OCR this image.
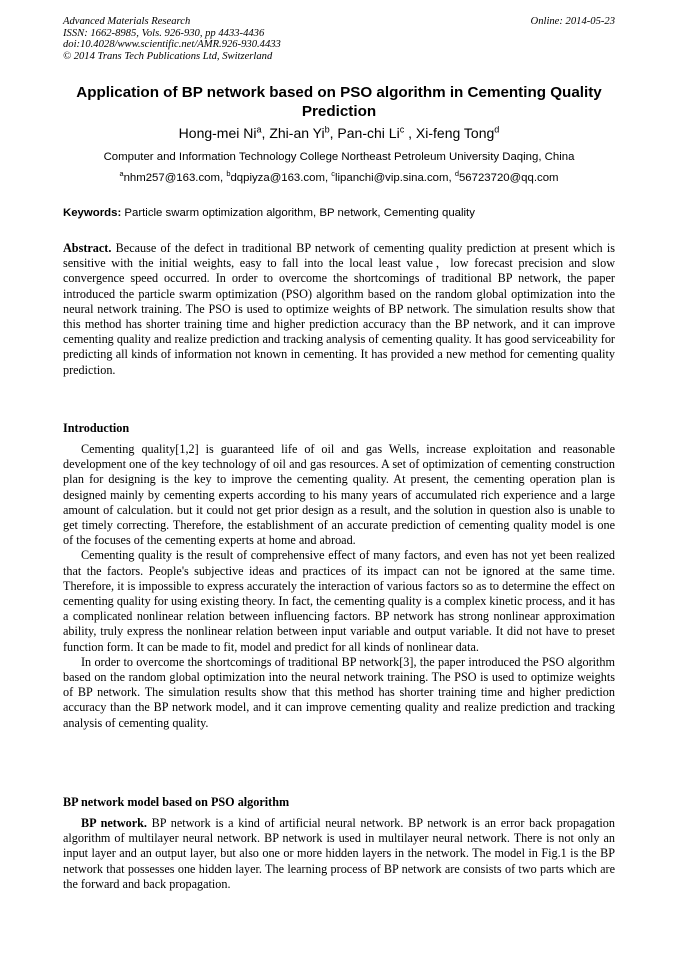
Advanced Materials Research
ISSN: 1662-8985, Vols. 926-930, pp 4433-4436
doi:10.4028/www.scientific.net/AMR.926-930.4433
© 2014 Trans Tech Publications Ltd, Switzerland
Online: 2014-05-23
Application of BP network based on PSO algorithm in Cementing Quality Prediction
Hong-mei Ni$^a$, Zhi-an Yi$^b$, Pan-chi Li$^c$ , Xi-feng Tong$^d$
Computer and Information Technology College Northeast Petroleum University Daqing, China
$^a$nhm257@163.com, $^b$dqpiyza@163.com, $^c$lipanchi@vip.sina.com, $^d$56723720@qq.com
Keywords: Particle swarm optimization algorithm, BP network, Cementing quality
Abstract. Because of the defect in traditional BP network of cementing quality prediction at present which is sensitive with the initial weights, easy to fall into the local least value，low forecast precision and slow convergence speed occurred. In order to overcome the shortcomings of traditional BP network, the paper introduced the particle swarm optimization (PSO) algorithm based on the random global optimization into the neural network training. The PSO is used to optimize weights of BP network. The simulation results show that this method has shorter training time and higher prediction accuracy than the BP network, and it can improve cementing quality and realize prediction and tracking analysis of cementing quality. It has good serviceability for predicting all kinds of information not known in cementing. It has provided a new method for cementing quality prediction.
Introduction

Cementing quality[1,2] is guaranteed life of oil and gas Wells, increase exploitation and reasonable development one of the key technology of oil and gas resources. A set of optimization of cementing construction plan for designing is the key to improve the cementing quality. At present, the cementing operation plan is designed mainly by cementing experts according to his many years of accumulated rich experience and a large amount of calculation. but it could not get prior design as a result, and the solution in question also is unable to get timely correcting. Therefore, the establishment of an accurate prediction of cementing quality model is one of the focuses of the cementing experts at home and abroad.

Cementing quality is the result of comprehensive effect of many factors, and even has not yet been realized that the factors. People's subjective ideas and practices of its impact can not be ignored at the same time. Therefore, it is impossible to express accurately the interaction of various factors so as to determine the effect on cementing quality for using existing theory. In fact, the cementing quality is a complex kinetic process, and it has a complicated nonlinear relation between influencing factors. BP network has strong nonlinear approximation ability, truly express the nonlinear relation between input variable and output variable. It did not have to preset function form. It can be made to fit, model and predict for all kinds of nonlinear data.

In order to overcome the shortcomings of traditional BP network[3], the paper introduced the PSO algorithm based on the random global optimization into the neural network training. The PSO is used to optimize weights of BP network. The simulation results show that this method has shorter training time and higher prediction accuracy than the BP network model, and it can improve cementing quality and realize prediction and tracking analysis of cementing quality.

BP network model based on PSO algorithm

BP network. BP network is a kind of artificial neural network. BP network is an error back propagation algorithm of multilayer neural network. BP network is used in multilayer neural network. There is not only an input layer and an output layer, but also one or more hidden layers in the network. The model in Fig.1 is the BP network that possesses one hidden layer. The learning process of BP network are consists of two parts which are the forward and back propagation.
